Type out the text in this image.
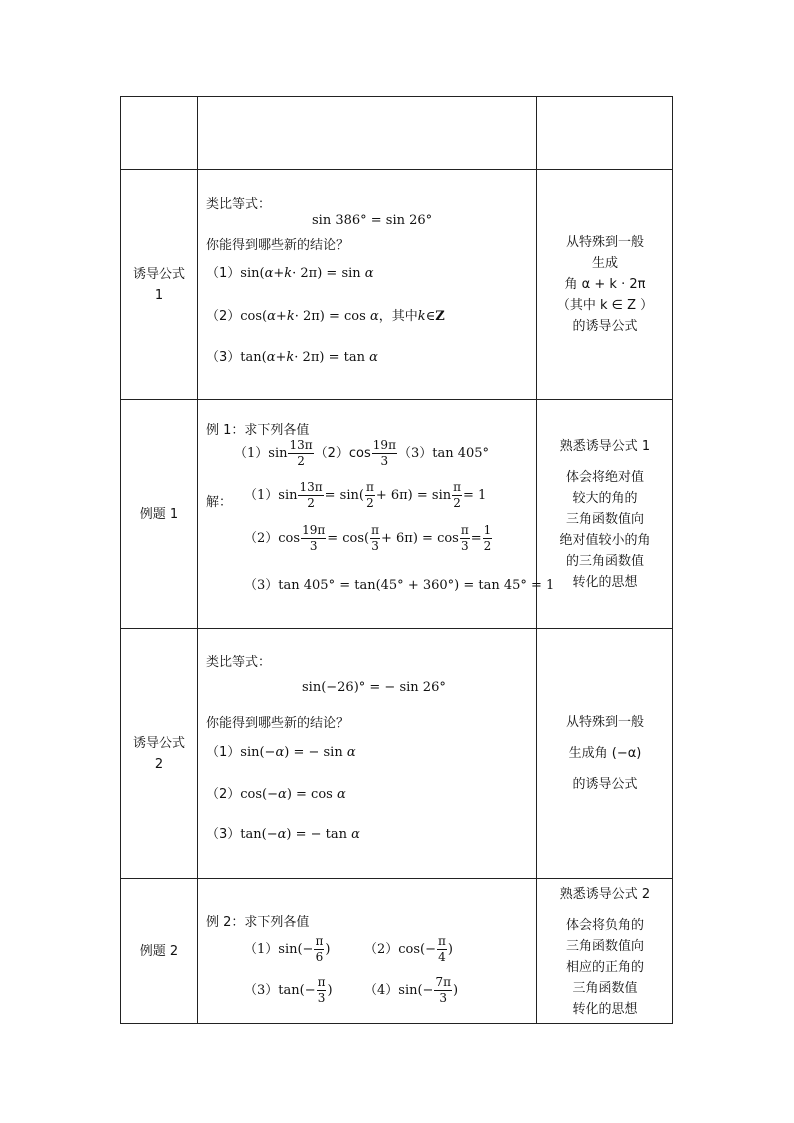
诱导公式
1
类比等式：
sin 386° = sin 26°
你能得到哪些新的结论？
（1）sin(α+k· 2π) = sin α
（2）cos(α+k· 2π) = cos α，其中k∈Z
（3）tan(α+k· 2π) = tan α
从特殊到一般
生成
角 α + k · 2π
（其中 k ∈ Z ）
的诱导公式
例题 1
例 1：求下列各值
$(1)\sin \frac{13\pi}{2} (2)\cos \frac{19\pi}{3} (3)\tan$ 405°
解： $(1)\sin \frac{13\pi}{2} = \sin( \frac{\pi}{2} + 6\pi) = \sin \frac{\pi}{2} = 1$
$(2)\cos \frac{19\pi}{3} = \cos( \frac{\pi}{3} + 6\pi) = \cos \frac{\pi}{3} = \frac{1}{2}$
（3）tan 405° = tan(45° + 360°) = tan 45° = 1
熟悉诱导公式 1
体会将绝对值
较大的角的
三角函数值向
绝对值较小的角
的三角函数值
转化的思想
诱导公式
2
类比等式：
sin(−26)° = − sin 26°
你能得到哪些新的结论？
（1）sin(−α) = − sin α
（2）cos(−α) = cos α
（3）tan(−α) = − tan α
从特殊到一般
生成角 (−α)
的诱导公式
例题 2
例 2：求下列各值
$(1)\sin(- \frac{\pi}{6}$ )	$(2)\cos(- \frac{\pi}{4}$ )
$(3)\tan(- \frac{\pi}{3}$ ) $(4)\sin(- \frac{7\pi}{3}$ )
熟悉诱导公式 2
体会将负角的
三角函数值向
相应的正角的
三角函数值
转化的思想
